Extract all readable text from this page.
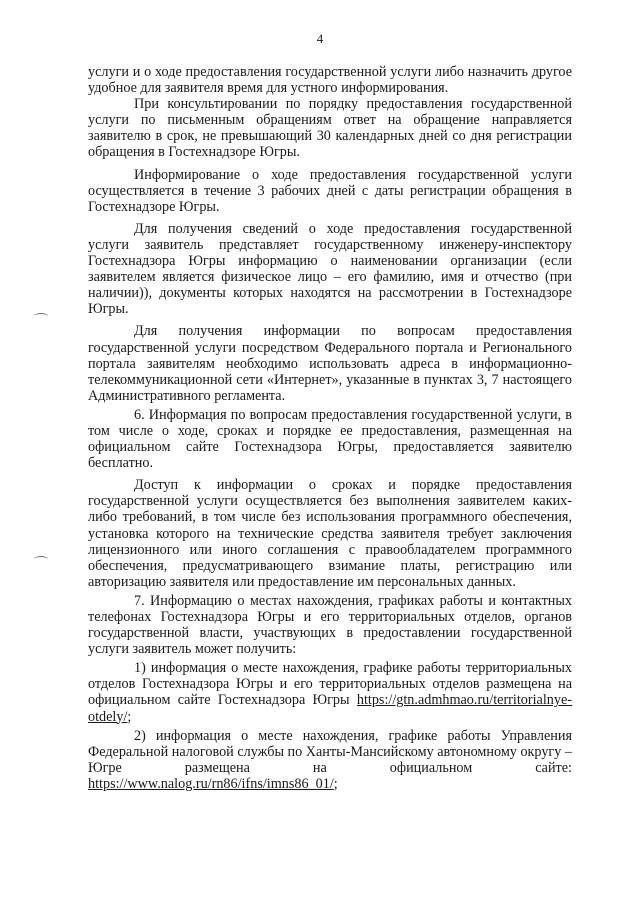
4

услуги и о ходе предоставления государственной услуги либо назначить другое удобное для заявителя время для устного информирования.

При консультировании по порядку предоставления государственной услуги по письменным обращениям ответ на обращение направляется заявителю в срок, не превышающий 30 календарных дней со дня регистрации обращения в Гостехнадзоре Югры.

Информирование о ходе предоставления государственной услуги осуществляется в течение 3 рабочих дней с даты регистрации обращения в Гостехнадзоре Югры.

Для получения сведений о ходе предоставления государственной услуги заявитель представляет государственному инженеру-инспектору Гостехнадзора Югры информацию о наименовании организации (если заявителем является физическое лицо – его фамилию, имя и отчество (при наличии)), документы которых находятся на рассмотрении в Гостехнадзоре Югры.

Для получения информации по вопросам предоставления государственной услуги посредством Федерального портала и Регионального портала заявителям необходимо использовать адреса в информационно-телекоммуникационной сети «Интернет», указанные в пунктах 3, 7 настоящего Административного регламента.

6. Информация по вопросам предоставления государственной услуги, в том числе о ходе, сроках и порядке ее предоставления, размещенная на официальном сайте Гостехнадзора Югры, предоставляется заявителю бесплатно.

Доступ к информации о сроках и порядке предоставления государственной услуги осуществляется без выполнения заявителем каких-либо требований, в том числе без использования программного обеспечения, установка которого на технические средства заявителя требует заключения лицензионного или иного соглашения с правообладателем программного обеспечения, предусматривающего взимание платы, регистрацию или авторизацию заявителя или предоставление им персональных данных.

7. Информацию о местах нахождения, графиках работы и контактных телефонах Гостехнадзора Югры и его территориальных отделов, органов государственной власти, участвующих в предоставлении государственной услуги заявитель может получить:

1) информация о месте нахождения, графике работы территориальных отделов Гостехнадзора Югры и его территориальных отделов размещена на официальном сайте Гостехнадзора Югры https://gtn.admhmao.ru/territorialnye-otdely/;

2) информация о месте нахождения, графике работы Управления Федеральной налоговой службы по Ханты-Мансийскому автономному округу – Югре размещена на официальном сайте: https://www.nalog.ru/rn86/ifns/imns86_01/;
